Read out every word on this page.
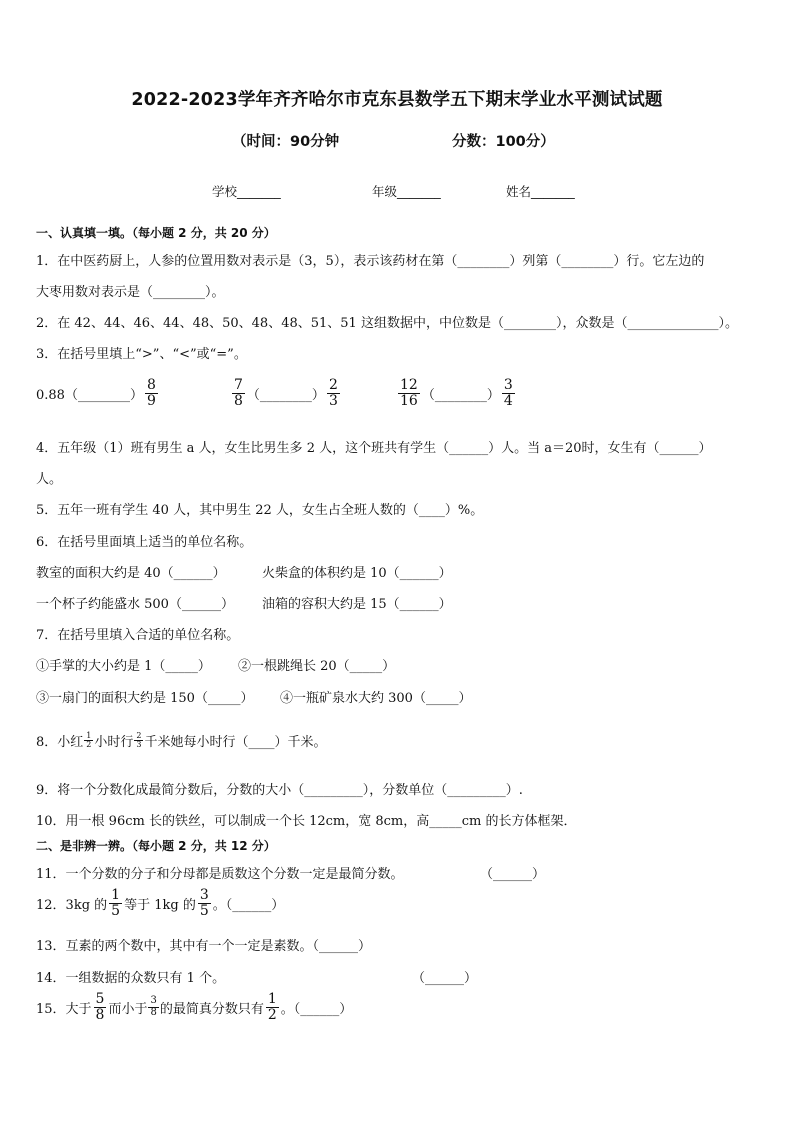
2022-2023学年齐齐哈尔市克东县数学五下期末学业水平测试试题
（时间：90分钟	分数：100分）
学校_______	年级_______	姓名_______
一、认真填一填。（每小题 2 分，共 20 分）
1．在中医药厨上，人参的位置用数对表示是（3，5），表示该药材在第（________）列第（________）行。它左边的
大枣用数对表示是（________）。
2．在 42、44、46、44、48、50、48、48、51、51 这组数据中，中位数是（________），众数是（______________）。
3．在括号里填上“>”、“<”或“=”。
0.88（________） $\frac{8}{9}$	$\frac{7}{8}$ （________） $\frac{2}{3}$	$\frac{12}{16}$ （________） $\frac{3}{4}$
4．五年级（1）班有男生 a 人，女生比男生多 2 人，这个班共有学生（______）人。当 a＝20时，女生有（______）
人。
5．五年一班有学生 40 人，其中男生 22 人，女生占全班人数的（____）%。
6．在括号里面填上适当的单位名称。
教室的面积大约是 40（______）	火柴盒的体积约是 10（______）
一个杯子约能盛水 500（______） 油箱的容积大约是 15（______）
7．在括号里填入合适的单位名称。
①手掌的大小约是 1（_____） ②一根跳绳长 20（_____）
③一扇门的面积大约是 150（_____） ④一瓶矿泉水大约 300（_____）
8．小红 $\frac{1}{2}$ 小时行 $\frac{2}{3}$ 千米她每小时行（____）千米。
9．将一个分数化成最简分数后，分数的大小（_________），分数单位（_________）.
10．用一根 96cm 长的铁丝，可以制成一个长 12cm，宽 8cm，高_____cm 的长方体框架．
二、是非辨一辨。（每小题 2 分，共 12 分）
11．一个分数的分子和分母都是质数这个分数一定是最简分数。	（______）
12．3kg 的 $\frac{1}{5}$ 等于 1kg 的 $\frac{3}{5}$ 。（______）
13．互素的两个数中，其中有一个一定是素数。（______）
14．一组数据的众数只有 1 个。	（______）
15．大于 $\frac{5}{8}$ 而小于 $\frac{3}{8}$ 的最简真分数只有 $\frac{1}{2}$ 。（______）
